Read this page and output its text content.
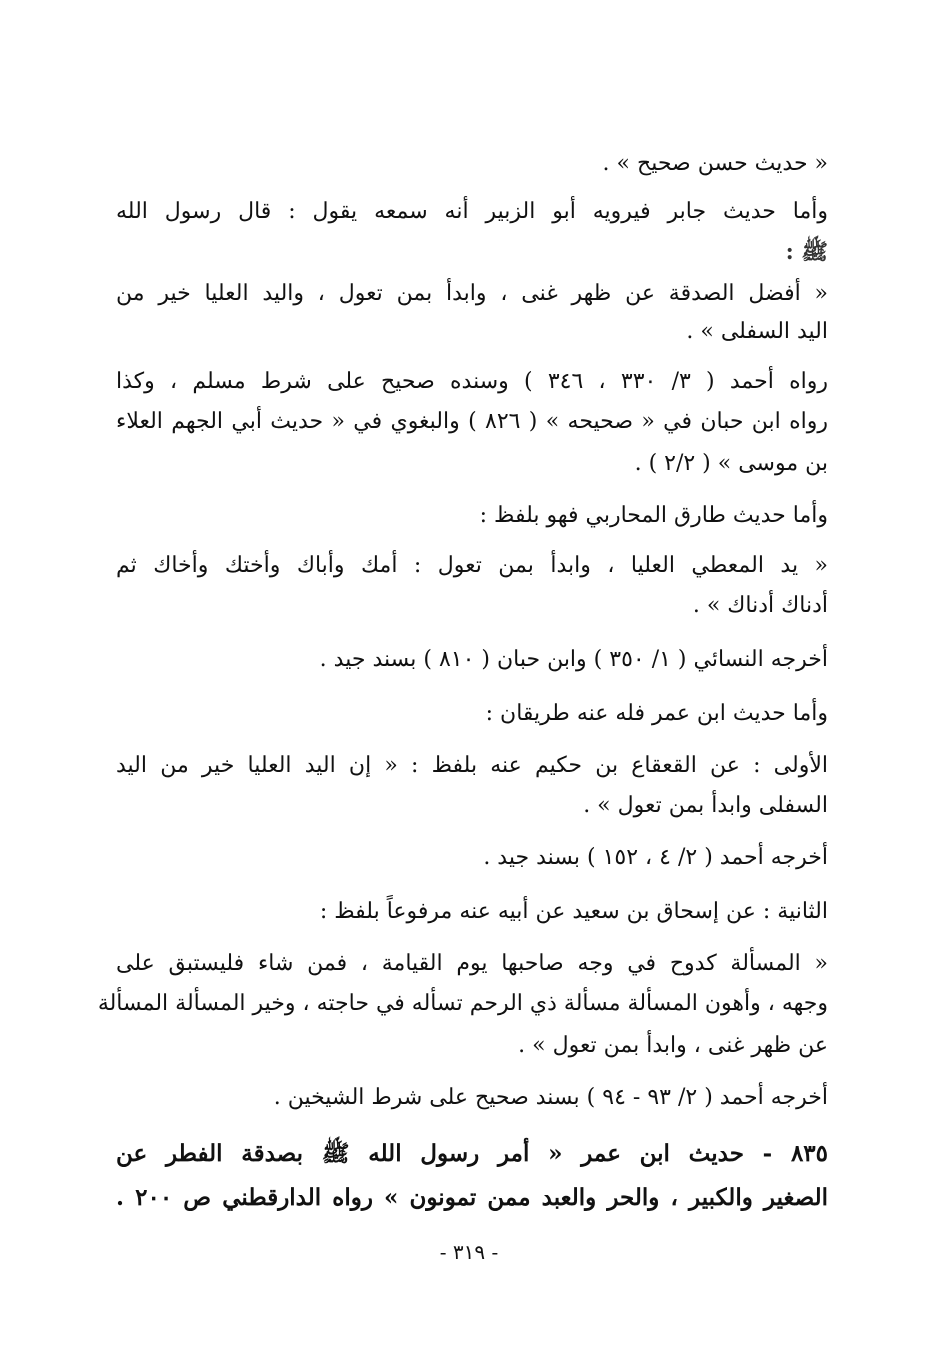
« حديث حسن صحيح » .

وأما حديث جابر فيرويه أبو الزبير أنه سمعه يقول : قال رسول الله

ﷺ :

« أفضل الصدقة عن ظهر غنى ، وابدأ بمن تعول ، واليد العليا خير من

اليد السفلى » .

رواه أحمد ( ٣/ ٣٣٠ ، ٣٤٦ ) وسنده صحيح على شرط مسلم ، وكذا

رواه ابن حبان في « صحيحه » ( ٨٢٦ ) والبغوي في « حديث أبي الجهم العلاء

بن موسى » ( ٢/٢ ) .

وأما حديث طارق المحاربي فهو بلفظ :

« يد المعطي العليا ، وابدأ بمن تعول : أمك وأباك وأختك وأخاك ثم

أدناك أدناك » .

أخرجه النسائي ( ١/ ٣٥٠ ) وابن حبان ( ٨١٠ ) بسند جيد .

وأما حديث ابن عمر فله عنه طريقان :

الأولى : عن القعقاع بن حكيم عنه بلفظ : « إن اليد العليا خير من اليد

السفلى وابدأ بمن تعول » .

أخرجه أحمد ( ٢/ ٤ ، ١٥٢ ) بسند جيد .

الثانية : عن إسحاق بن سعيد عن أبيه عنه مرفوعاً بلفظ :

« المسألة كدوح في وجه صاحبها يوم القيامة ، فمن شاء فليستبق على

وجهه ، وأهون المسألة مسألة ذي الرحم تسأله في حاجته ، وخير المسألة المسألة

عن ظهر غنى ، وابدأ بمن تعول » .

أخرجه أحمد ( ٢/ ٩٣ - ٩٤ ) بسند صحيح على شرط الشيخين .

٨٣٥ - حديث ابن عمر « أمر رسول الله ﷺ بصدقة الفطر عن

الصغير والكبير ، والحر والعبد ممن تمونون » رواه الدارقطني ص ٢٠٠ .

- ٣١٩ -
